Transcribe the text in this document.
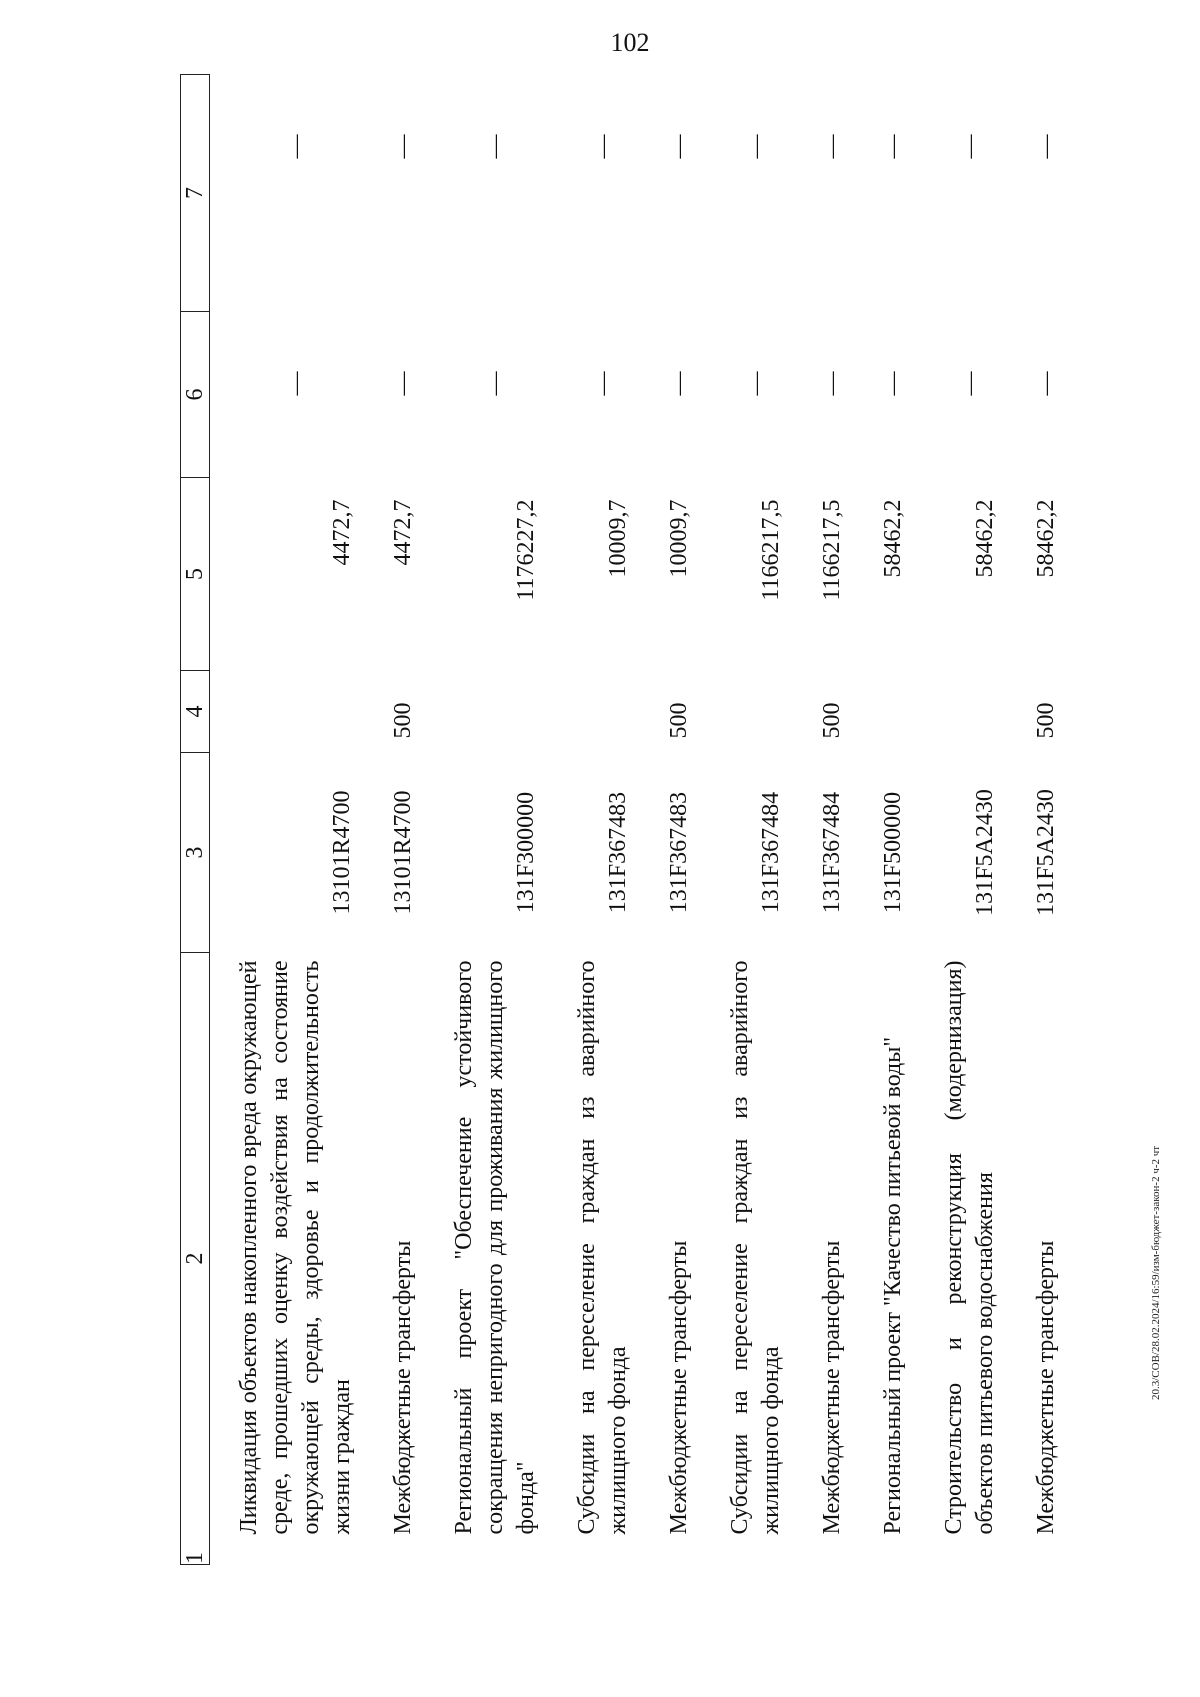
102
1	2	3	4	5	6	7
	Ликвидация объектов накопленного вреда окружающей среде, прошедших оценку воздействия на состояние окружающей среды, здоровье и продолжительность жизни граждан	13101R4700		4472,7	—	—
	Межбюджетные трансферты	13101R4700	500	4472,7	—	—
	Региональный проект "Обеспечение устойчивого сокращения непригодного для проживания жилищного фонда"	131F300000		1176227,2	—	—
	Субсидии на переселение граждан из аварийного жилищного фонда	131F367483		10009,7	—	—
	Межбюджетные трансферты	131F367483	500	10009,7	—	—
	Субсидии на переселение граждан из аварийного жилищного фонда	131F367484		1166217,5	—	—
	Межбюджетные трансферты	131F367484	500	1166217,5	—	—
	Региональный проект "Качество питьевой воды"	131F500000		58462,2	—	—
	Строительство и реконструкция (модернизация) объектов питьевого водоснабжения	131F5A2430		58462,2	—	—
	Межбюджетные трансферты	131F5A2430	500	58462,2	—	—
20.3/СОВ/28.02.2024/16:59/изм-бюджет-закон-2 ч-2 чт
